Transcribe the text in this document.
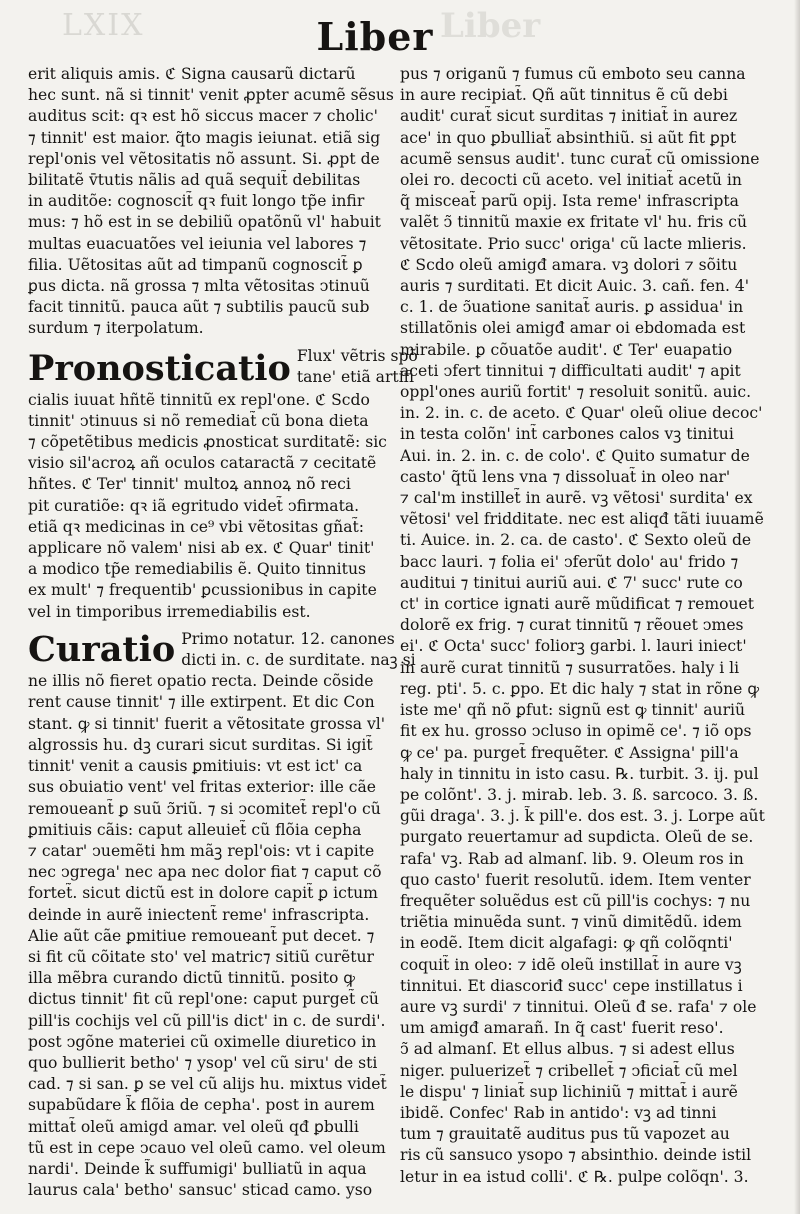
LXIX	Liber
Liber
erit aliquis amis. ℭ Signa causarũ dictarũ
hec sunt. nã si tinnit' venit ꝓpter acumẽ sẽsus
auditus scit: qꝛ est hõ siccus macer ⁊ cholic'
⁊ tinnit' est maior. q̃to magis ieiunat. etiã sig
repl'onis vel vẽtositatis nõ assunt. Si. ꝓpt de
bilitatẽ v̄tutis nãlis ad quã sequit̃ debilitas
in auditõe: cognoscit̃ qꝛ fuit longo tp̃e infir
mus: ⁊ hõ est in se debiliũ opatõnũ vl' habuit
multas euacuatões vel ieiunia vel labores ⁊
filia. Uẽtositas aũt ad timpanũ cognoscit̃ ꝑ
ꝑus dicta. nã grossa ⁊ mlta vẽtositas ↄtinuũ
facit tinnitũ. pauca aũt ⁊ subtilis paucũ sub
surdum ⁊ iterpolatum.
Pronosticatio Flux' vẽtris spõ
tane' etiã artifi
cialis iuuat hñtẽ tinnitũ ex repl'one. ℭ Scdo
tinnit' ↄtinuus si nõ remediat̃ cũ bona dieta
⁊ cõpetẽtibus medicis ꝓnosticat surditatẽ: sic
visio sil'acroꝝ añ oculos cataractã ⁊ cecitatẽ
hñtes. ℭ Ter' tinnit' multoꝝ annoꝝ nõ reci
pit curatiõe: qꝛ iã egritudo videt̃ ↄfirmata.
etiã qꝛ medicinas in ce⁹ vbi vẽtositas gñat̃:
applicare nõ valem' nisi ab ex. ℭ Quar' tinit'
a modico tp̃e remediabilis ẽ. Quito tinnitus
ex mult' ⁊ frequentib' ꝑcussionibus in capite
vel in timporibus irremediabilis est.
Curatio Primo notatur. 12. canones
dicti in. c. de surditate. naꝫ si
ne illis nõ fieret opatio recta. Deinde cõside
rent cause tinnit' ⁊ ille extirpent. Et dic Con
stant. ꝙ si tinnit' fuerit a vẽtositate grossa vl'
algrossis hu. dꝫ curari sicut surditas. Si igit̃
tinnit' venit a causis ꝑmitiuis: vt est ict' ca
sus obuiatio vent' vel fritas exterior: ille cãe
remoueant̃ ꝑ suũ ↄ̃riũ. ⁊ si ↄcomitet̃ repl'o cũ
ꝑmitiuis cãis: caput alleuiet̃ cũ flõia cepha
⁊ catar' ↄuemẽti hm mãꝫ repl'ois: vt i capite
nec ↄgrega' nec apa nec dolor fiat ⁊ caput cõ
fortet̃. sicut dictũ est in dolore capit̃ ꝑ ictum
deinde in aurẽ iniectent̃ reme' infrascripta.
Alie aũt cãe ꝑmitiue remoueant̃ put decet. ⁊
si fit cũ cõitate sto' vel matric⁊ sitiũ curẽtur
illa mẽbra curando dictũ tinnitũ. posito ꝙ
dictus tinnit' fit cũ repl'one: caput purget̃ cũ
pill'is cochijs vel cũ pill'is dict' in c. de surdi'.
post ↄgõne materiei cũ oximelle diuretico in
quo bullierit betho' ⁊ ysop' vel cũ siru' de sti
cad. ⁊ si san. ꝑ se vel cũ alijs hu. mixtus videt̃
supabũdare k̃ flõia de cepha'. post in aurem
mittat̃ oleũ amigd amar. vel oleũ qđ ꝑbulli
tũ est in cepe ↄcauo vel oleũ camo. vel oleum
nardi'. Deinde k̃ suffumigi' bulliatũ in aqua
laurus cala' betho' sansuc' sticad camo. yso
pus ⁊ origanũ ⁊ fumus cũ emboto seu canna
in aure recipiat̃. Qñ aũt tinnitus ẽ cũ debi
audit' curat̃ sicut surditas ⁊ initiat̃ in aurez
ace' in quo ꝑbulliat̃ absinthiũ. si aũt fit ꝑpt
acumẽ sensus audit'. tunc curat̃ cũ omissione
olei ro. decocti cũ aceto. vel initiat̃ acetũ in
q̃ misceat̃ parũ opij. Ista reme' infrascripta
valẽt ↄ̃ tinnitũ maxie ex fritate vl' hu. fris cũ
vẽtositate. Prio succ' origa' cũ lacte mlieris.
ℭ Scdo oleũ amigđ amara. vꝫ dolori ⁊ sõitu
auris ⁊ surditati. Et dicit Auic. 3. cañ. fen. 4'
c. 1. de ↄ̃uatione sanitat̃ auris. ꝑ assidua' in
stillatõnis olei amigđ amar oi ebdomada est
mirabile. ꝑ cõuatõe audit'. ℭ Ter' euapatio
aceti ↄfert tinnitui ⁊ difficultati audit' ⁊ apit
oppl'ones auriũ fortit' ⁊ resoluit sonitũ. auic.
in. 2. in. c. de aceto. ℭ Quar' oleũ oliue decoc'
in testa colõn' int̃ carbones calos vꝫ tinitui
Aui. in. 2. in. c. de colo'. ℭ Quito sumatur de
casto' q̃tũ lens vna ⁊ dissoluat̃ in oleo nar'
⁊ cal'm instillet̃ in aurẽ. vꝫ vẽtosi' surdita' ex
vẽtosi' vel fridditate. nec est aliqđ tãti iuuamẽ
ti. Auice. in. 2. ca. de casto'. ℭ Sexto oleũ de
bacc lauri. ⁊ folia ei' ↄferũt dolo' au' frido ⁊
auditui ⁊ tinitui auriũ aui. ℭ 7' succ' rute co
ct' in cortice ignati aurẽ mũdificat ⁊ remouet
dolorẽ ex frig. ⁊ curat tinnitũ ⁊ rẽouet ↄmes
ei'. ℭ Octa' succ' foliorꝫ garbi. l. lauri iniect'
in aurẽ curat tinnitũ ⁊ susurratões. haly i li
reg. pti'. 5. c. ꝑpo. Et dic haly ⁊ stat in rõne ꝙ
iste me' qñ nõ ꝑfut: signũ est ꝙ tinnit' auriũ
fit ex hu. grosso ↄcluso in opimẽ ce'. ⁊ iõ ops
ꝙ ce' pa. purget̃ frequẽter. ℭ Assigna' pill'a
haly in tinnitu in isto casu. ℞. turbit. 3. ij. pul
pe colõnt'. 3. j. mirab. leb. 3. ß. sarcoco. 3. ß.
gũi draga'. 3. j. k̃ pill'e. dos est. 3. j. Lorpe aũt
purgato reuertamur ad supdicta. Oleũ de se.
rafa' vꝫ. Rab ad almanſ. lib. 9. Oleum ros in
quo casto' fuerit resolutũ. idem. Item venter
frequẽter soluẽdus est cũ pill'is cochys: ⁊ nu
triẽtia minuẽda sunt. ⁊ vinũ dimitẽdũ. idem
in eodẽ. Item dicit algafagi: ꝙ qñ colõqnti'
coquit̃ in oleo: ⁊ idẽ oleũ instillat̃ in aure vꝫ
tinnitui. Et diascoriđ succ' cepe instillatus i
aure vꝫ surdi' ⁊ tinnitui. Oleũ đ se. rafa' ⁊ ole
um amigđ amarañ. In q̃ cast' fuerit reso'.
ↄ̃ ad almanſ. Et ellus albus. ⁊ si adest ellus
niger. puluerizet̃ ⁊ cribellet̃ ⁊ ↄficiat̃ cũ mel
le dispu' ⁊ liniat̃ sup lichiniũ ⁊ mittat̃ i aurẽ
ibidẽ. Confec' Rab in antido': vꝫ ad tinni
tum ⁊ grauitatẽ auditus pus tũ vapozet au
ris cũ sansuco ysopo ⁊ absinthio. deinde istil
letur in ea istud colli'. ℭ ℞. pulpe colõqn'. 3.
